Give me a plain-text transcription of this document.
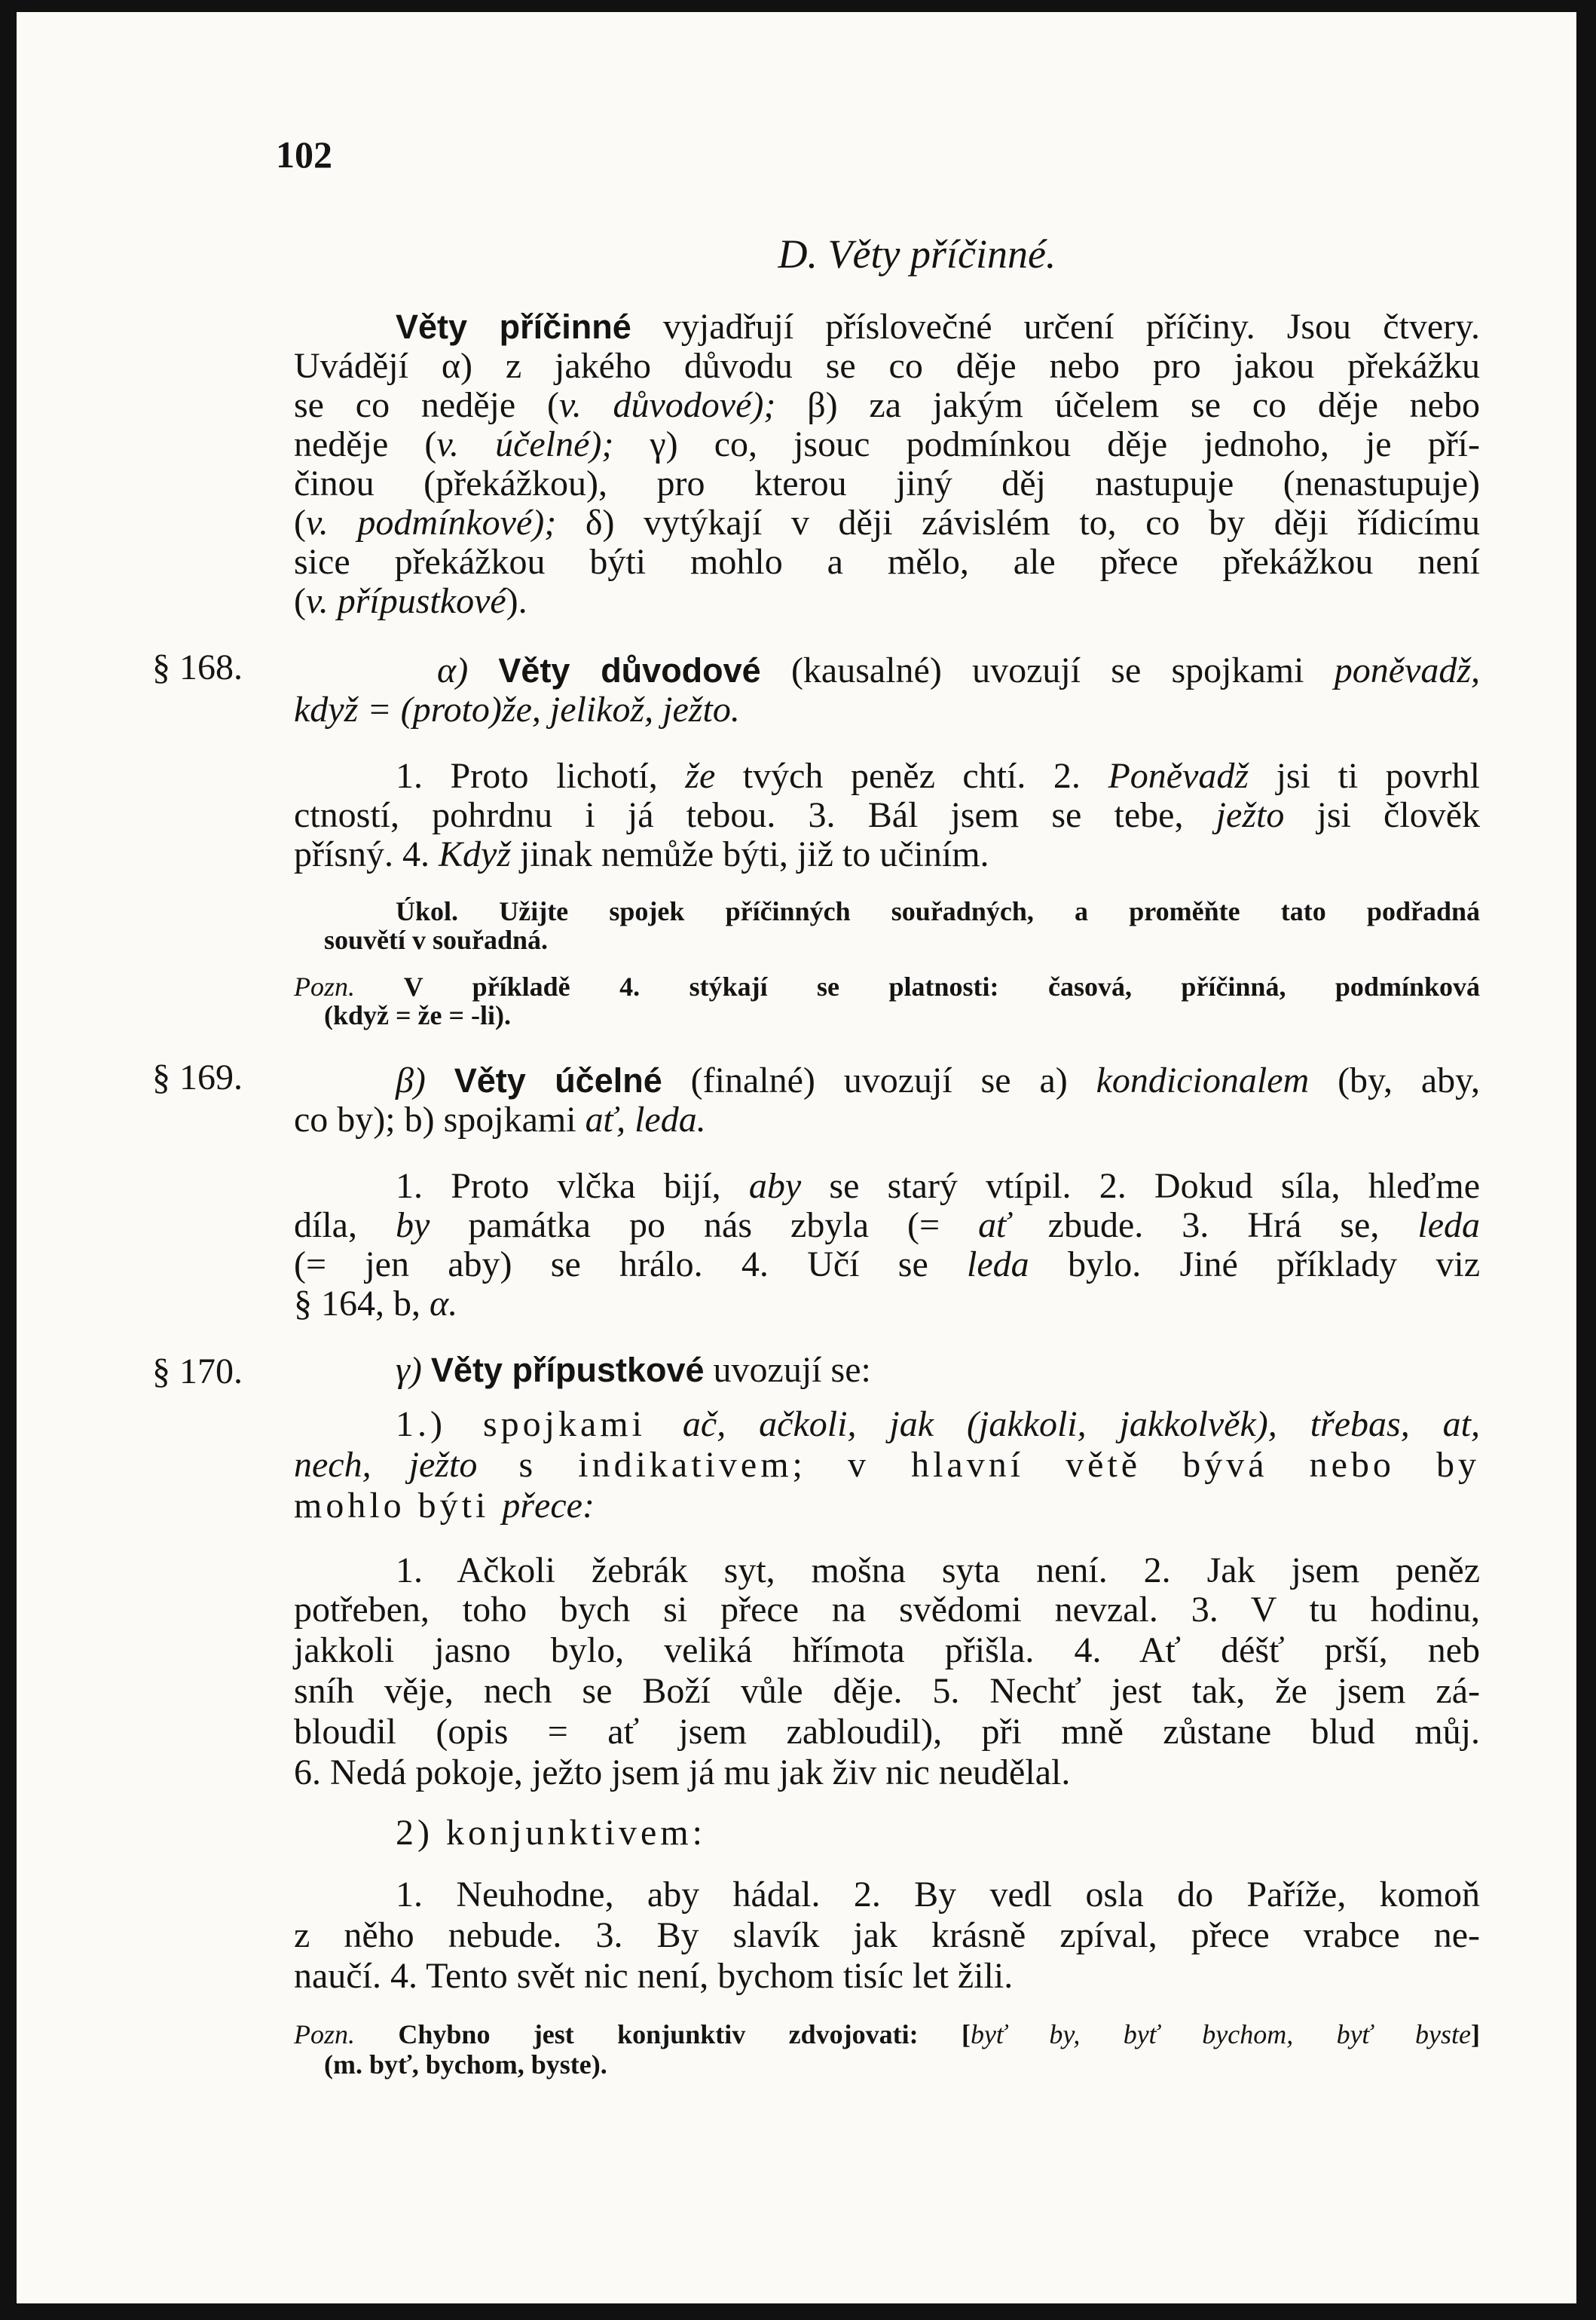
102
D. Věty příčinné.
§ 168.
§ 169.
§ 170.
Věty příčinné vyjadřují příslovečné určení příčiny. Jsou čtvery.
Uvádějí α) z jakého důvodu se co děje nebo pro jakou překážku
se co neděje (v. důvodové); β) za jakým účelem se co děje nebo
neděje (v. účelné); γ) co, jsouc podmínkou děje jednoho, je pří-
činou (překážkou), pro kterou jiný děj nastupuje (nenastupuje)
(v. podmínkové); δ) vytýkají v ději závislém to, co by ději řídicímu
sice překážkou býti mohlo a mělo, ale přece překážkou není
(v. přípustkové).
α) Věty důvodové (kausalné) uvozují se spojkami poněvadž,
když = (proto)že, jelikož, ježto.
1. Proto lichotí, že tvých peněz chtí. 2. Poněvadž jsi ti povrhl
ctností, pohrdnu i já tebou. 3. Bál jsem se tebe, ježto jsi člověk
přísný. 4. Když jinak nemůže býti, již to učiním.
Úkol. Užijte spojek příčinných souřadných, a proměňte tato podřadná
souvětí v souřadná.
Pozn. V příkladě 4. stýkají se platnosti: časová, příčinná, podmínková
(když = že = -li).
β) Věty účelné (finalné) uvozují se a) kondicionalem (by, aby,
co by); b) spojkami ať, leda.
1. Proto vlčka bijí, aby se starý vtípil. 2. Dokud síla, hleďme
díla, by památka po nás zbyla (= ať zbude. 3. Hrá se, leda
(= jen aby) se hrálo. 4. Učí se leda bylo. Jiné příklady viz
§ 164, b, α.
γ) Věty přípustkové uvozují se:
1.) spojkami ač, ačkoli, jak (jakkoli, jakkolvěk), třebas, at,
nech, ježto s indikativem; v hlavní větě bývá nebo by
mohlo býti přece:
1. Ačkoli žebrák syt, mošna syta není. 2. Jak jsem peněz
potřeben, toho bych si přece na svědomi nevzal. 3. V tu hodinu,
jakkoli jasno bylo, veliká hřímota přišla. 4. Ať déšť prší, neb
sníh věje, nech se Boží vůle děje. 5. Nechť jest tak, že jsem zá-
bloudil (opis = ať jsem zabloudil), při mně zůstane blud můj.
6. Nedá pokoje, ježto jsem já mu jak živ nic neudělal.
2) konjunktivem:
1. Neuhodne, aby hádal. 2. By vedl osla do Paříže, komoň
z něho nebude. 3. By slavík jak krásně zpíval, přece vrabce ne-
naučí. 4. Tento svět nic není, bychom tisíc let žili.
Pozn. Chybno jest konjunktiv zdvojovati: [byť by, byť bychom, byť byste]
(m. byť, bychom, byste).
